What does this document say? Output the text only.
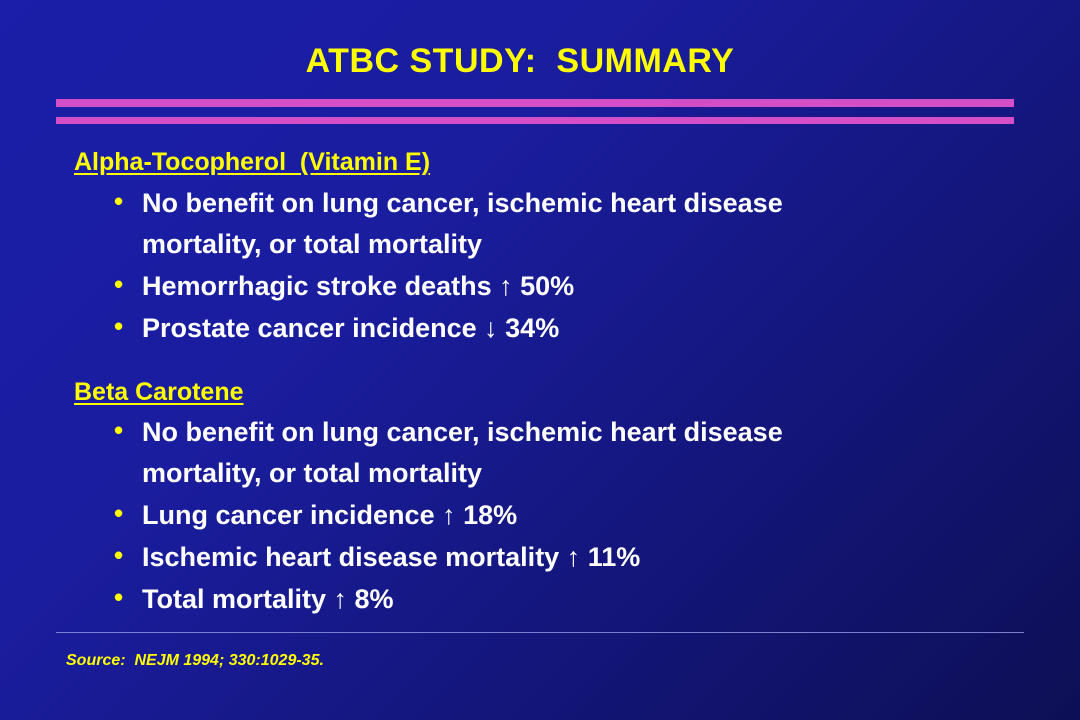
ATBC STUDY:  SUMMARY
Alpha-Tocopherol  (Vitamin E)
• No benefit on lung cancer, ischemic heart disease
mortality, or total mortality
• Hemorrhagic stroke deaths ↑ 50%
• Prostate cancer incidence ↓ 34%
Beta Carotene
• No benefit on lung cancer, ischemic heart disease
mortality, or total mortality
• Lung cancer incidence ↑ 18%
• Ischemic heart disease mortality ↑ 11%
• Total mortality ↑ 8%
Source:  NEJM 1994; 330:1029-35.
